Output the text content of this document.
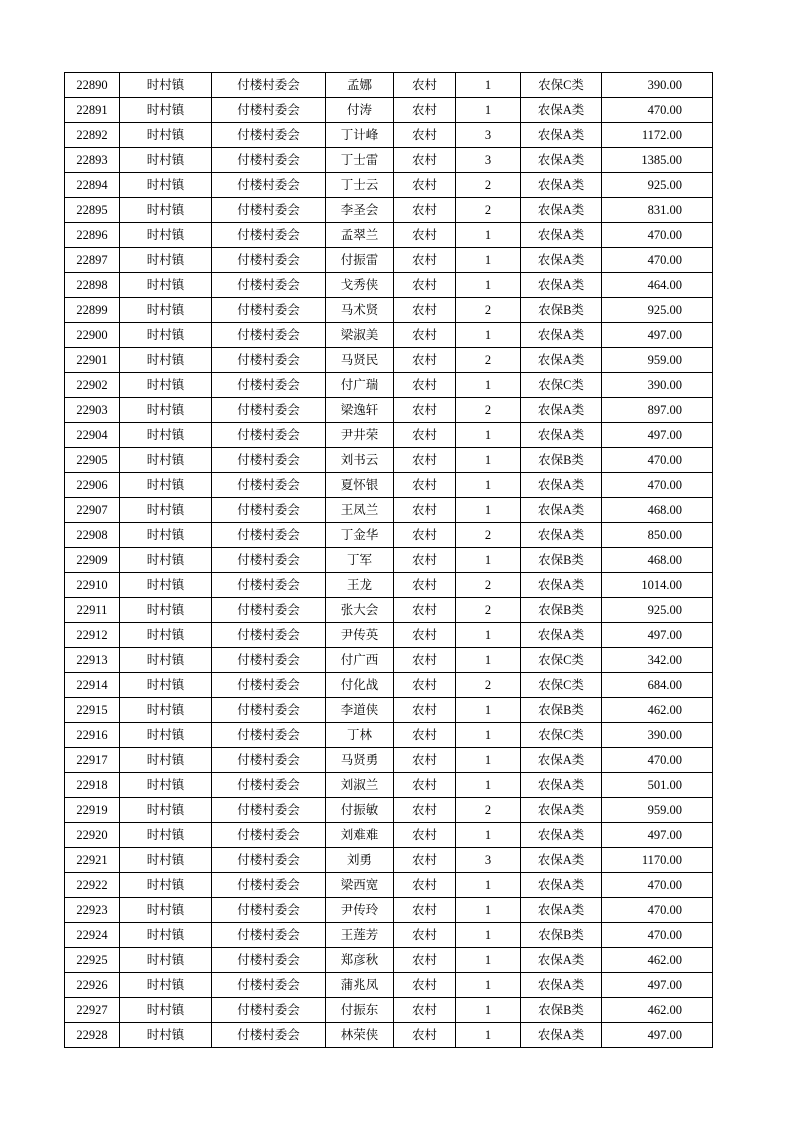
22890	时村镇	付楼村委会	孟娜	农村	1	农保C类	390.00
22891	时村镇	付楼村委会	付涛	农村	1	农保A类	470.00
22892	时村镇	付楼村委会	丁计峰	农村	3	农保A类	1172.00
22893	时村镇	付楼村委会	丁士雷	农村	3	农保A类	1385.00
22894	时村镇	付楼村委会	丁士云	农村	2	农保A类	925.00
22895	时村镇	付楼村委会	李圣会	农村	2	农保A类	831.00
22896	时村镇	付楼村委会	孟翠兰	农村	1	农保A类	470.00
22897	时村镇	付楼村委会	付振雷	农村	1	农保A类	470.00
22898	时村镇	付楼村委会	戈秀侠	农村	1	农保A类	464.00
22899	时村镇	付楼村委会	马术贤	农村	2	农保B类	925.00
22900	时村镇	付楼村委会	梁淑美	农村	1	农保A类	497.00
22901	时村镇	付楼村委会	马贤民	农村	2	农保A类	959.00
22902	时村镇	付楼村委会	付广瑞	农村	1	农保C类	390.00
22903	时村镇	付楼村委会	梁逸轩	农村	2	农保A类	897.00
22904	时村镇	付楼村委会	尹井荣	农村	1	农保A类	497.00
22905	时村镇	付楼村委会	刘书云	农村	1	农保B类	470.00
22906	时村镇	付楼村委会	夏怀银	农村	1	农保A类	470.00
22907	时村镇	付楼村委会	王凤兰	农村	1	农保A类	468.00
22908	时村镇	付楼村委会	丁金华	农村	2	农保A类	850.00
22909	时村镇	付楼村委会	丁军	农村	1	农保B类	468.00
22910	时村镇	付楼村委会	王龙	农村	2	农保A类	1014.00
22911	时村镇	付楼村委会	张大会	农村	2	农保B类	925.00
22912	时村镇	付楼村委会	尹传英	农村	1	农保A类	497.00
22913	时村镇	付楼村委会	付广西	农村	1	农保C类	342.00
22914	时村镇	付楼村委会	付化战	农村	2	农保C类	684.00
22915	时村镇	付楼村委会	李道侠	农村	1	农保B类	462.00
22916	时村镇	付楼村委会	丁林	农村	1	农保C类	390.00
22917	时村镇	付楼村委会	马贤勇	农村	1	农保A类	470.00
22918	时村镇	付楼村委会	刘淑兰	农村	1	农保A类	501.00
22919	时村镇	付楼村委会	付振敏	农村	2	农保A类	959.00
22920	时村镇	付楼村委会	刘难难	农村	1	农保A类	497.00
22921	时村镇	付楼村委会	刘勇	农村	3	农保A类	1170.00
22922	时村镇	付楼村委会	梁西宽	农村	1	农保A类	470.00
22923	时村镇	付楼村委会	尹传玲	农村	1	农保A类	470.00
22924	时村镇	付楼村委会	王莲芳	农村	1	农保B类	470.00
22925	时村镇	付楼村委会	郑彦秋	农村	1	农保A类	462.00
22926	时村镇	付楼村委会	蒲兆凤	农村	1	农保A类	497.00
22927	时村镇	付楼村委会	付振东	农村	1	农保B类	462.00
22928	时村镇	付楼村委会	林荣侠	农村	1	农保A类	497.00
